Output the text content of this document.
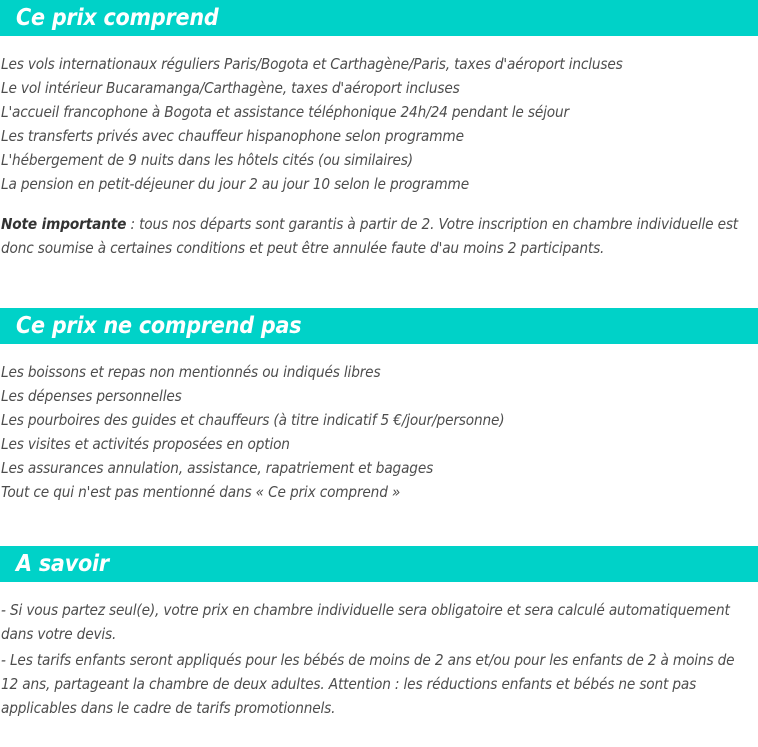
Ce prix comprend

Les vols internationaux réguliers Paris/Bogota et Carthagène/Paris, taxes d'aéroport incluses

Le vol intérieur Bucaramanga/Carthagène, taxes d'aéroport incluses

L'accueil francophone à Bogota et assistance téléphonique 24h/24 pendant le séjour

Les transferts privés avec chauffeur hispanophone selon programme

L'hébergement de 9 nuits dans les hôtels cités (ou similaires)

La pension en petit-déjeuner du jour 2 au jour 10 selon le programme

Note importante : tous nos départs sont garantis à partir de 2. Votre inscription en chambre individuelle est donc soumise à certaines conditions et peut être annulée faute d'au moins 2 participants.

Ce prix ne comprend pas

Les boissons et repas non mentionnés ou indiqués libres

Les dépenses personnelles

Les pourboires des guides et chauffeurs (à titre indicatif 5 €/jour/personne)

Les visites et activités proposées en option

Les assurances annulation, assistance, rapatriement et bagages

Tout ce qui n'est pas mentionné dans « Ce prix comprend »

A savoir

- Si vous partez seul(e), votre prix en chambre individuelle sera obligatoire et sera calculé automatiquement dans votre devis.

- Les tarifs enfants seront appliqués pour les bébés de moins de 2 ans et/ou pour les enfants de 2 à moins de 12 ans, partageant la chambre de deux adultes. Attention : les réductions enfants et bébés ne sont pas applicables dans le cadre de tarifs promotionnels.
